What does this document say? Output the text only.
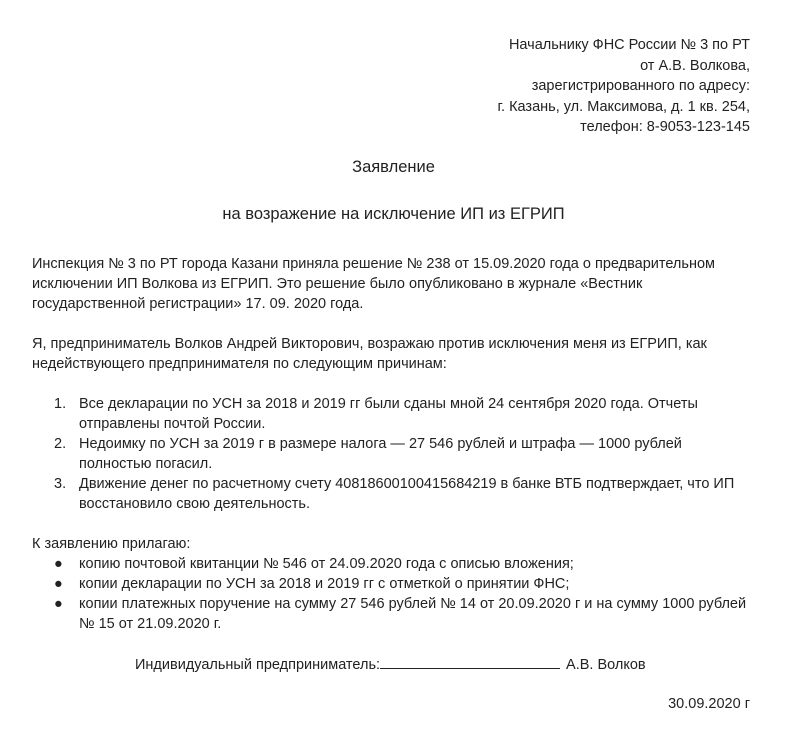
Начальнику ФНС России № 3 по РТ
от А.В. Волкова,
зарегистрированного по адресу:
г. Казань, ул. Максимова, д. 1 кв. 254,
телефон: 8-9053-123-145
Заявление
на возражение на исключение ИП из ЕГРИП
Инспекция № 3 по РТ города Казани приняла решение № 238 от 15.09.2020 года о предварительном исключении ИП Волкова из ЕГРИП. Это решение было опубликовано в журнале «Вестник государственной регистрации» 17. 09. 2020 года.
Я, предприниматель Волков Андрей Викторович, возражаю против исключения меня из ЕГРИП, как недействующего предпринимателя по следующим причинам:
1. Все декларации по УСН за 2018 и 2019 гг были сданы мной 24 сентября 2020 года. Отчеты отправлены почтой России.
2. Недоимку по УСН за 2019 г в размере налога — 27 546 рублей и штрафа — 1000 рублей полностью погасил.
3. Движение денег по расчетному счету 40818600100415684219 в банке ВТБ подтверждает, что ИП восстановило свою деятельность.
К заявлению прилагаю:
● копию почтовой квитанции № 546 от 24.09.2020 года с описью вложения;
● копии декларации по УСН за 2018 и 2019 гг с отметкой о принятии ФНС;
● копии платежных поручение на сумму 27 546 рублей № 14 от 20.09.2020 г и на сумму 1000 рублей № 15 от 21.09.2020 г.
Индивидуальный предприниматель:	А.В. Волков
30.09.2020 г
